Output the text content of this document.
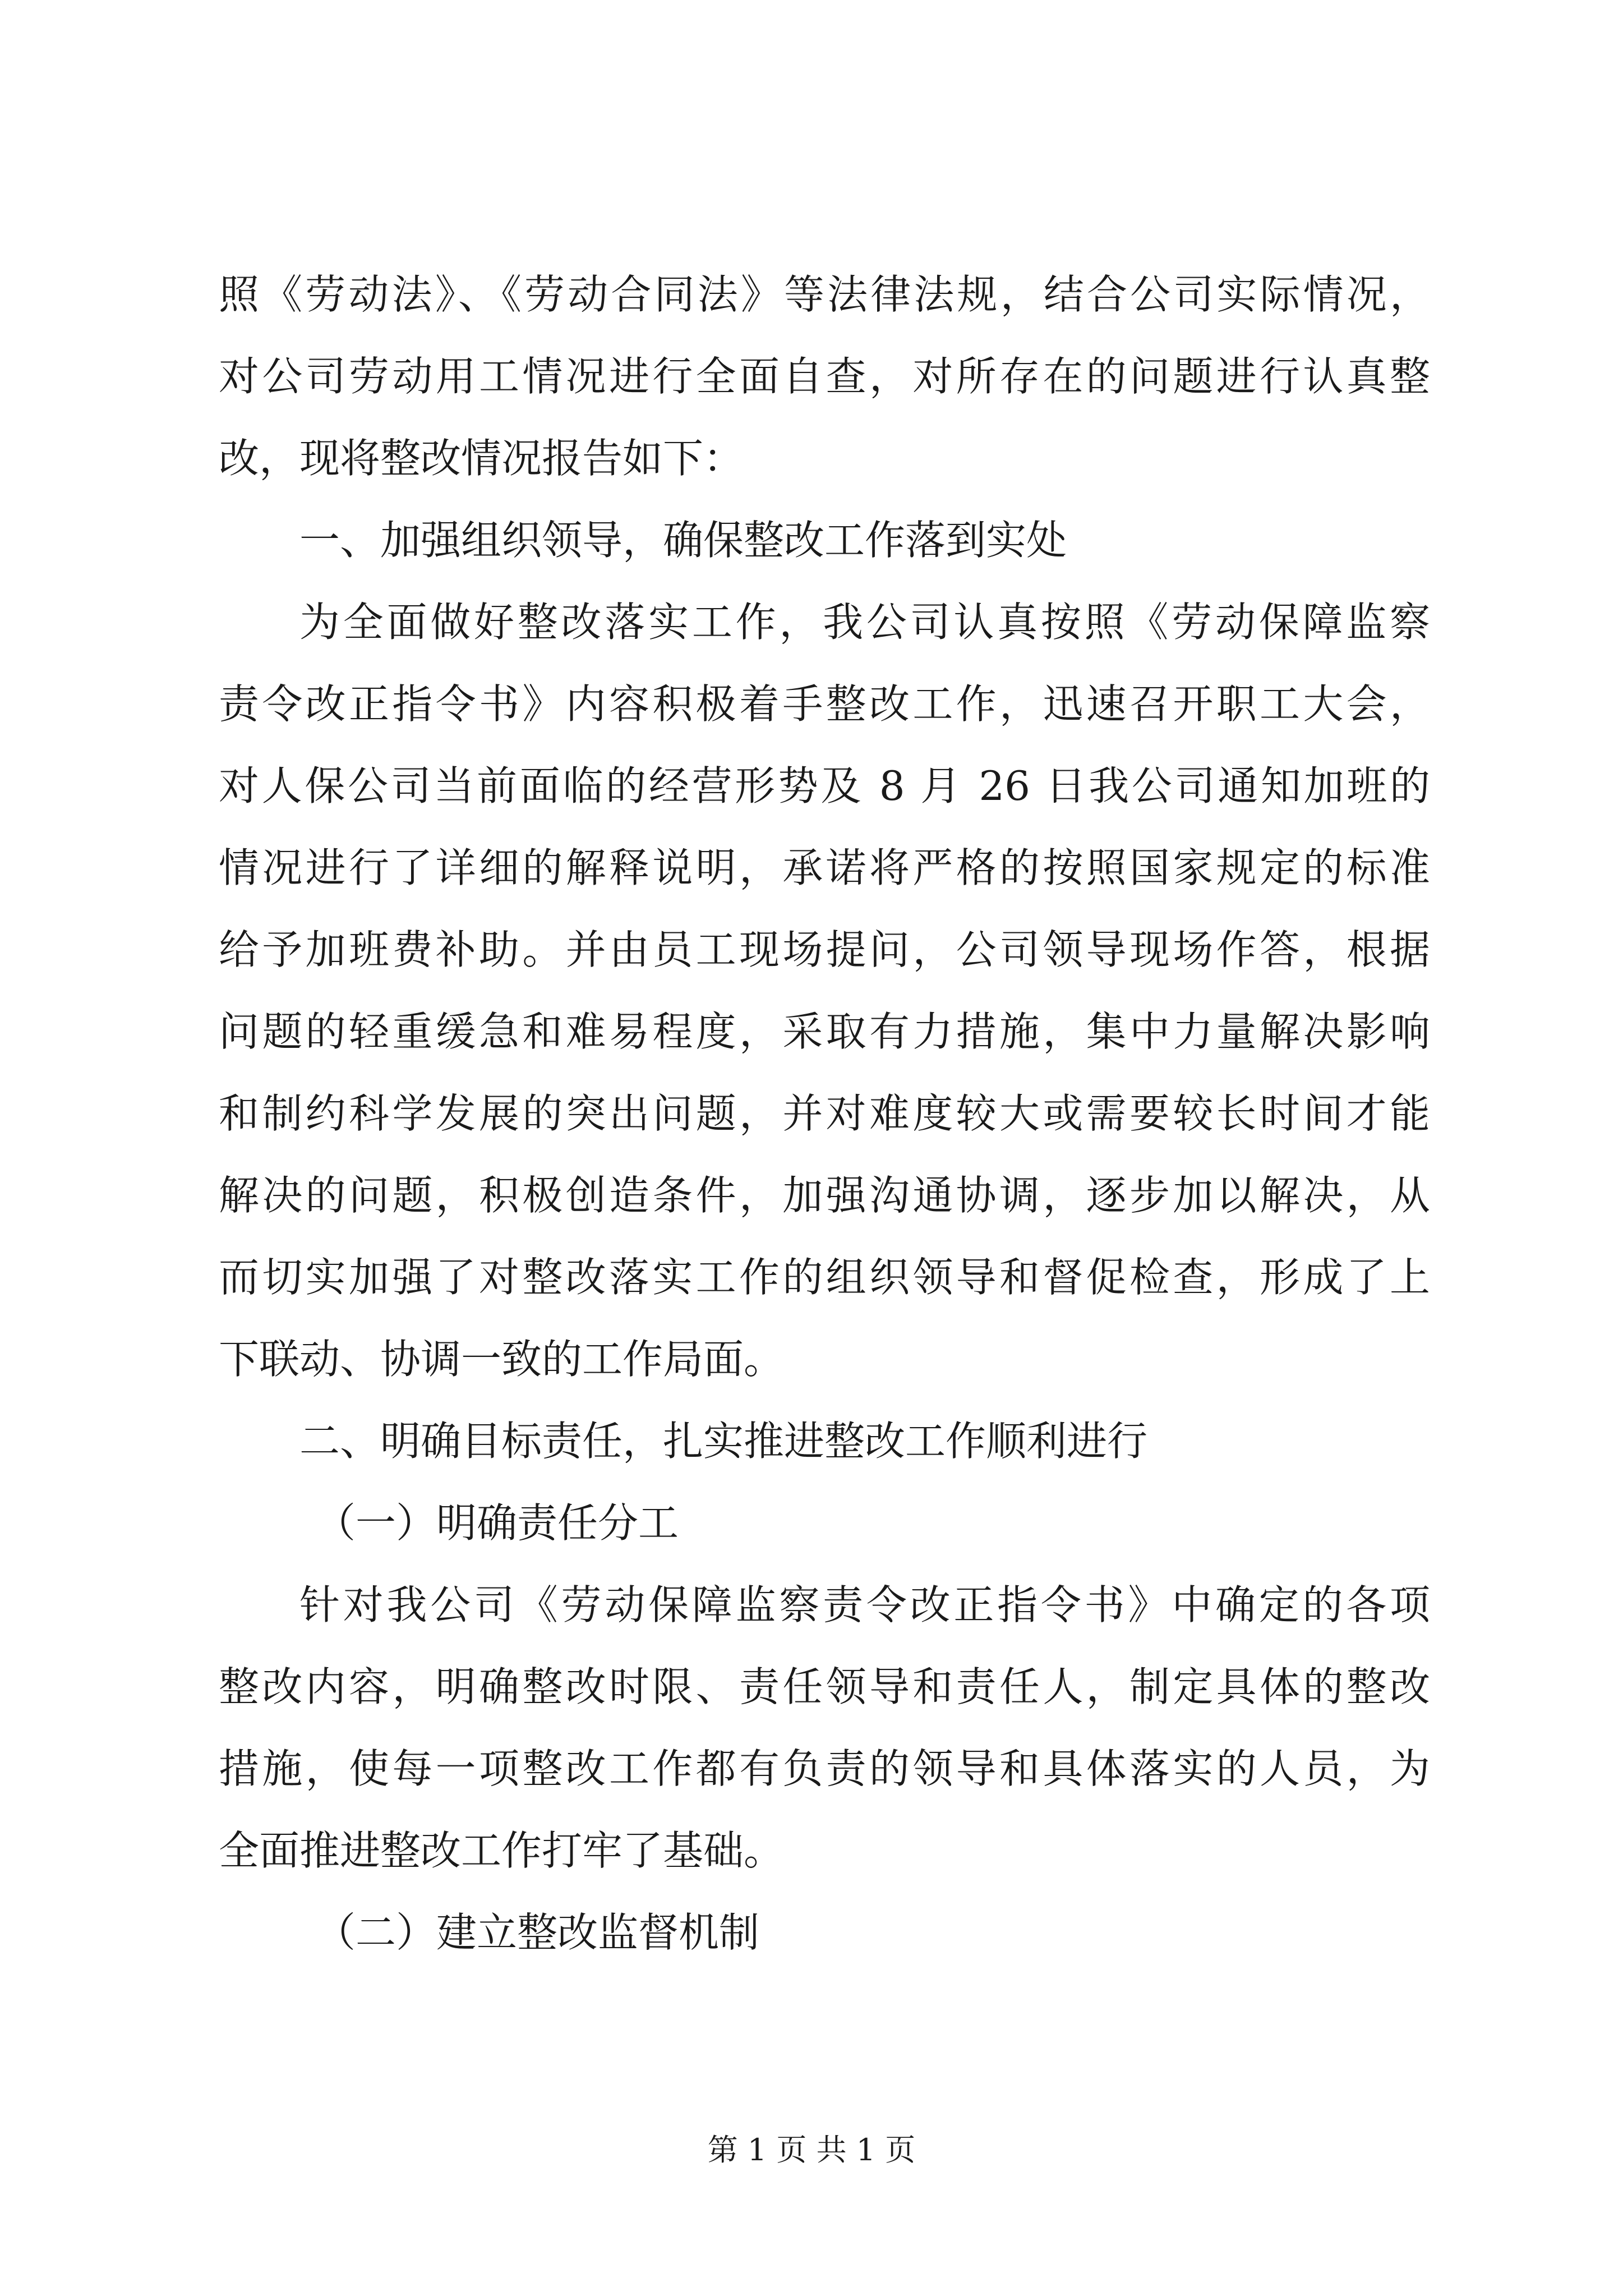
照《劳动法》、《劳动合同法》等法律法规，结合公司实际情况，
对公司劳动用工情况进行全面自查，对所存在的问题进行认真整
改，现将整改情况报告如下：
一、加强组织领导，确保整改工作落到实处
为全面做好整改落实工作，我公司认真按照《劳动保障监察
责令改正指令书》内容积极着手整改工作，迅速召开职工大会，
对人保公司当前面临的经营形势及 8 月 26 日我公司通知加班的
情况进行了详细的解释说明，承诺将严格的按照国家规定的标准
给予加班费补助。并由员工现场提问，公司领导现场作答，根据
问题的轻重缓急和难易程度，采取有力措施，集中力量解决影响
和制约科学发展的突出问题，并对难度较大或需要较长时间才能
解决的问题，积极创造条件，加强沟通协调，逐步加以解决，从
而切实加强了对整改落实工作的组织领导和督促检查，形成了上
下联动、协调一致的工作局面。
二、明确目标责任，扎实推进整改工作顺利进行
（一）明确责任分工
针对我公司《劳动保障监察责令改正指令书》中确定的各项
整改内容，明确整改时限、责任领导和责任人，制定具体的整改
措施，使每一项整改工作都有负责的领导和具体落实的人员，为
全面推进整改工作打牢了基础。
（二）建立整改监督机制
第 1 页 共 1 页
